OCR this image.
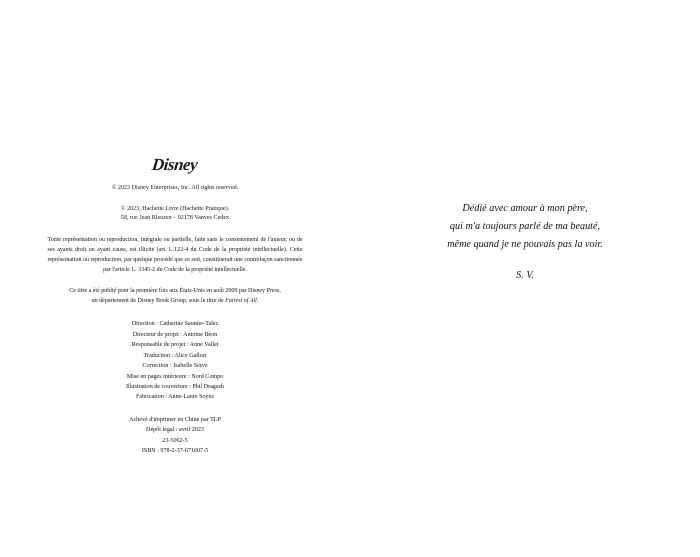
Disney

© 2023 Disney Enterprises, Inc. All rights reserved.

© 2023, Hachette Livre (Hachette Pratique).
58, rue Jean Bleuzen – 92178 Vanves Cedex

Toute représentation ou reproduction, intégrale ou partielle, faite sans le consentement de l'auteur, ou de ses ayants droit ou ayant cause, est illicite (art. L.122-4 du Code de la propriété intellectuelle). Cette représentation ou reproduction, par quelque procédé que ce soit, constituerait une contrefaçon sanctionnée par l'article L. 3345-2 du Code de la propriété intellectuelle.

Ce titre a été publié pour la première fois aux États-Unis en août 2009 par Disney Press,
un département de Disney Book Group, sous le titre de Fairest of All.

Direction : Catherine Saunier-Talec
Directeur de projet : Antoine Béon
Responsable de projet : Anne Vallet
Traduction : Alice Gallori
Correction : Isabelle Serve
Mise en pages intérieure : Nord Compo
Illustration de couverture : Phil Dragash
Fabrication : Anne-Laure Soyez
Achevé d'imprimer en Chine par TLP
Dépôt légal : avril 2023
23-5062-5
ISBN : 978-2-37-671607-5

Dédié avec amour à mon père,
qui m'a toujours parlé de ma beauté,
même quand je ne pouvais pas la voir.

S. V.
